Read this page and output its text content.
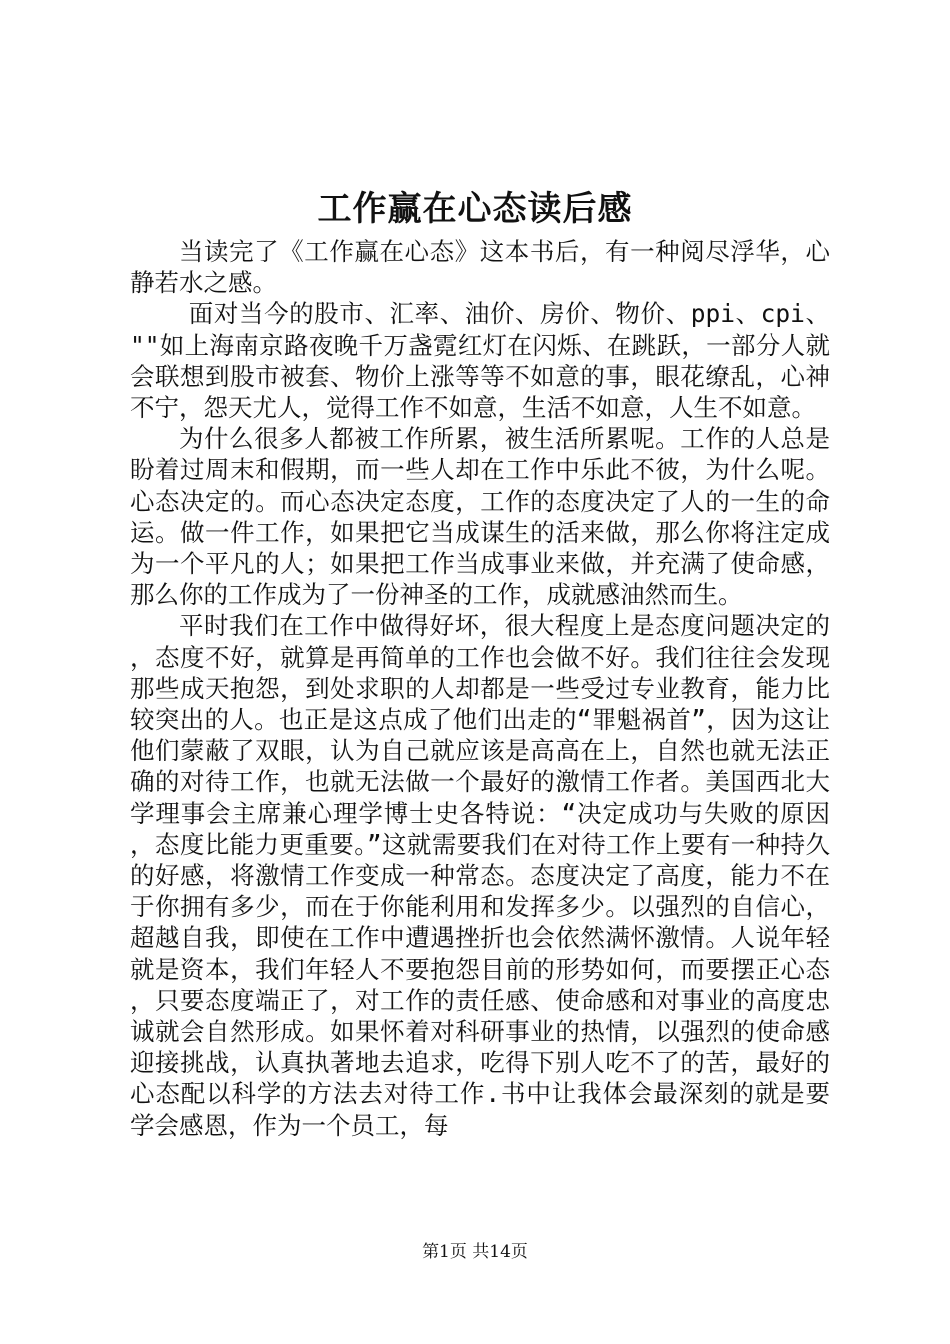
工作赢在心态读后感

当读完了《工作赢在心态》这本书后，有一种阅尽浮华，心静若水之感。

面对当今的股市、汇率、油价、房价、物价、ppi、cpi、""如上海南京路夜晚千万盏霓红灯在闪烁、在跳跃，一部分人就会联想到股市被套、物价上涨等等不如意的事，眼花缭乱，心神不宁，怨天尤人，觉得工作不如意，生活不如意，人生不如意。

为什么很多人都被工作所累，被生活所累呢。工作的人总是盼着过周末和假期，而一些人却在工作中乐此不彼，为什么呢。心态决定的。而心态决定态度，工作的态度决定了人的一生的命运。做一件工作，如果把它当成谋生的活来做，那么你将注定成为一个平凡的人；如果把工作当成事业来做，并充满了使命感，那么你的工作成为了一份神圣的工作，成就感油然而生。

平时我们在工作中做得好坏，很大程度上是态度问题决定的，态度不好，就算是再简单的工作也会做不好。我们往往会发现那些成天抱怨，到处求职的人却都是一些受过专业教育，能力比较突出的人。也正是这点成了他们出走的“罪魁祸首”，因为这让他们蒙蔽了双眼，认为自己就应该是高高在上，自然也就无法正确的对待工作，也就无法做一个最好的激情工作者。美国西北大学理事会主席兼心理学博士史各特说：“决定成功与失败的原因，态度比能力更重要。”这就需要我们在对待工作上要有一种持久的好感，将激情工作变成一种常态。态度决定了高度，能力不在于你拥有多少，而在于你能利用和发挥多少。以强烈的自信心，超越自我，即使在工作中遭遇挫折也会依然满怀激情。人说年轻就是资本，我们年轻人不要抱怨目前的形势如何，而要摆正心态，只要态度端正了，对工作的责任感、使命感和对事业的高度忠诚就会自然形成。如果怀着对科研事业的热情，以强烈的使命感迎接挑战，认真执著地去追求，吃得下别人吃不了的苦，最好的心态配以科学的方法去对待工作.书中让我体会最深刻的就是要学会感恩，作为一个员工，每

第1页 共14页
